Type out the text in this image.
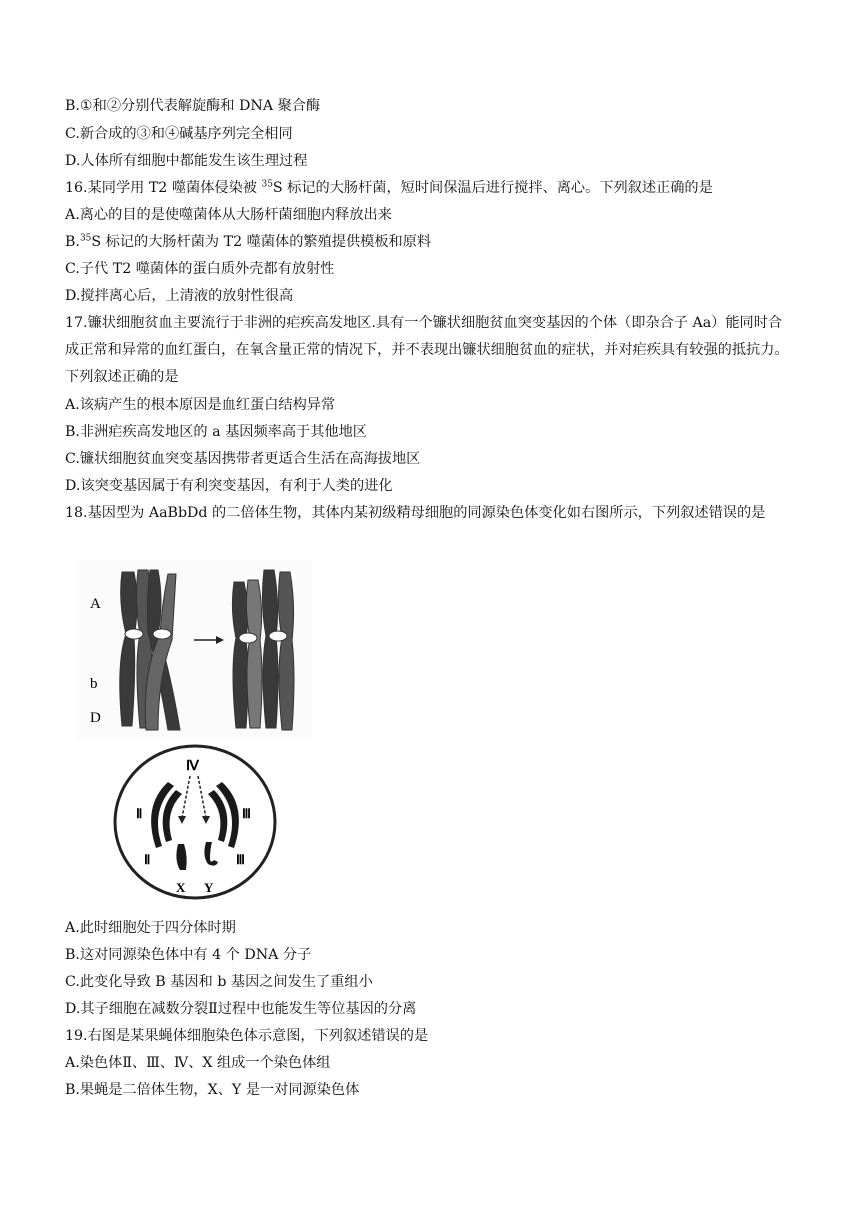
B.①和②分别代表解旋酶和 DNA 聚合酶
C.新合成的③和④碱基序列完全相同
D.人体所有细胞中都能发生该生理过程
16.某同学用 T2 噬菌体侵染被 $^{35}$S 标记的大肠杆菌，短时间保温后进行搅拌、离心。下列叙述正确的是
A.离心的目的是使噬菌体从大肠杆菌细胞内释放出来
B.$^{35}$S 标记的大肠杆菌为 T2 噬菌体的繁殖提供模板和原料
C.子代 T2 噬菌体的蛋白质外壳都有放射性
D.搅拌离心后，上清液的放射性很高
17.镰状细胞贫血主要流行于非洲的疟疾高发地区.具有一个镰状细胞贫血突变基因的个体（即杂合子 Aa）能同时合成正常和异常的血红蛋白，在氧含量正常的情况下，并不表现出镰状细胞贫血的症状，并对疟疾具有较强的抵抗力。下列叙述正确的是
A.该病产生的根本原因是血红蛋白结构异常
B.非洲疟疾高发地区的 a 基因频率高于其他地区
C.镰状细胞贫血突变基因携带者更适合生活在高海拔地区
D.该突变基因属于有利突变基因，有利于人类的进化
18.基因型为 AaBbDd 的二倍体生物，其体内某初级精母细胞的同源染色体变化如右图所示，下列叙述错误的是
A
b
D
Ⅳ
Ⅱ	Ⅲ
Ⅱ	Ⅲ
X Y
A.此时细胞处于四分体时期
B.这对同源染色体中有 4 个 DNA 分子
C.此变化导致 B 基因和 b 基因之间发生了重组小
D.其子细胞在减数分裂Ⅱ过程中也能发生等位基因的分离
19.右图是某果蝇体细胞染色体示意图，下列叙述错误的是
A.染色体Ⅱ、Ⅲ、Ⅳ、X 组成一个染色体组
B.果蝇是二倍体生物，X、Y 是一对同源染色体
